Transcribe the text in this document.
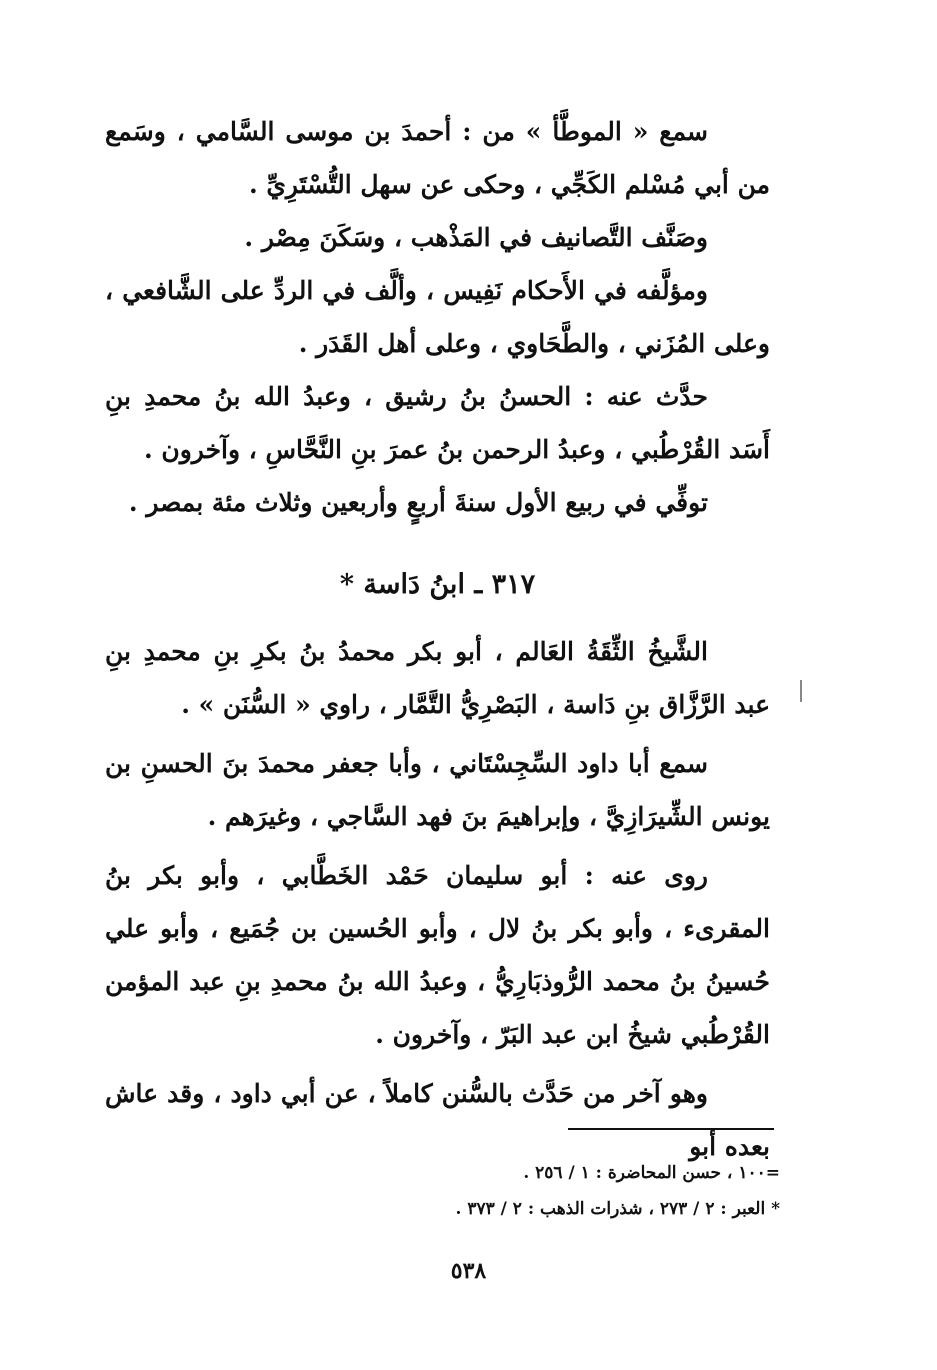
سمع « الموطَّأ » من : أحمدَ بن موسى السَّامي ، وسَمع من أبي مُسْلم الكَجِّي ، وحكى عن سهل التُّسْتَرِيِّ .

وصَنَّف التَّصانيف في المَذْهب ، وسَكَنَ مِصْر .

ومؤلَّفه في الأَحكام نَفِيس ، وألَّف في الردِّ على الشَّافعي ، وعلى المُزَني ، والطَّحَاوي ، وعلى أهل القَدَر .

حدَّث عنه : الحسنُ بنُ رشيق ، وعبدُ الله بنُ محمدِ بنِ أَسَد القُرْطُبي ، وعبدُ الرحمن بنُ عمرَ بنِ النَّحَّاسِ ، وآخرون .

توفِّي في ربيع الأول سنةَ أربعٍ وأربعين وثلاث مئة بمصر .

٣١٧ ـ ابنُ دَاسة *

الشَّيخُ الثِّقَةُ العَالم ، أبو بكر محمدُ بنُ بكرِ بنِ محمدِ بنِ عبد الرَّزَّاق بنِ دَاسة ، البَصْرِيُّ التَّمَّار ، راوي « السُّنَن » .

سمع أبا داود السِّجِسْتَاني ، وأبا جعفر محمدَ بنَ الحسنِ بن يونس الشِّيرَازِيَّ ، وإبراهيمَ بنَ فهد السَّاجي ، وغيرَهم .

روى عنه : أبو سليمان حَمْد الخَطَّابي ، وأبو بكر بنُ المقرىء ، وأبو بكر بنُ لال ، وأبو الحُسين بن جُمَيع ، وأبو علي حُسينُ بنُ محمد الرُّوذبَارِيُّ ، وعبدُ الله بنُ محمدِ بنِ عبد المؤمن القُرْطُبي شيخُ ابن عبد البَرّ ، وآخرون .

وهو آخر من حَدَّث بالسُّنن كاملاً ، عن أبي داود ، وقد عاش بعده أبو

=١٠٠ ، حسن المحاضرة : ١ / ٢٥٦ .

* العبر : ٢ / ٢٧٣ ، شذرات الذهب : ٢ / ٣٧٣ .

٥٣٨
